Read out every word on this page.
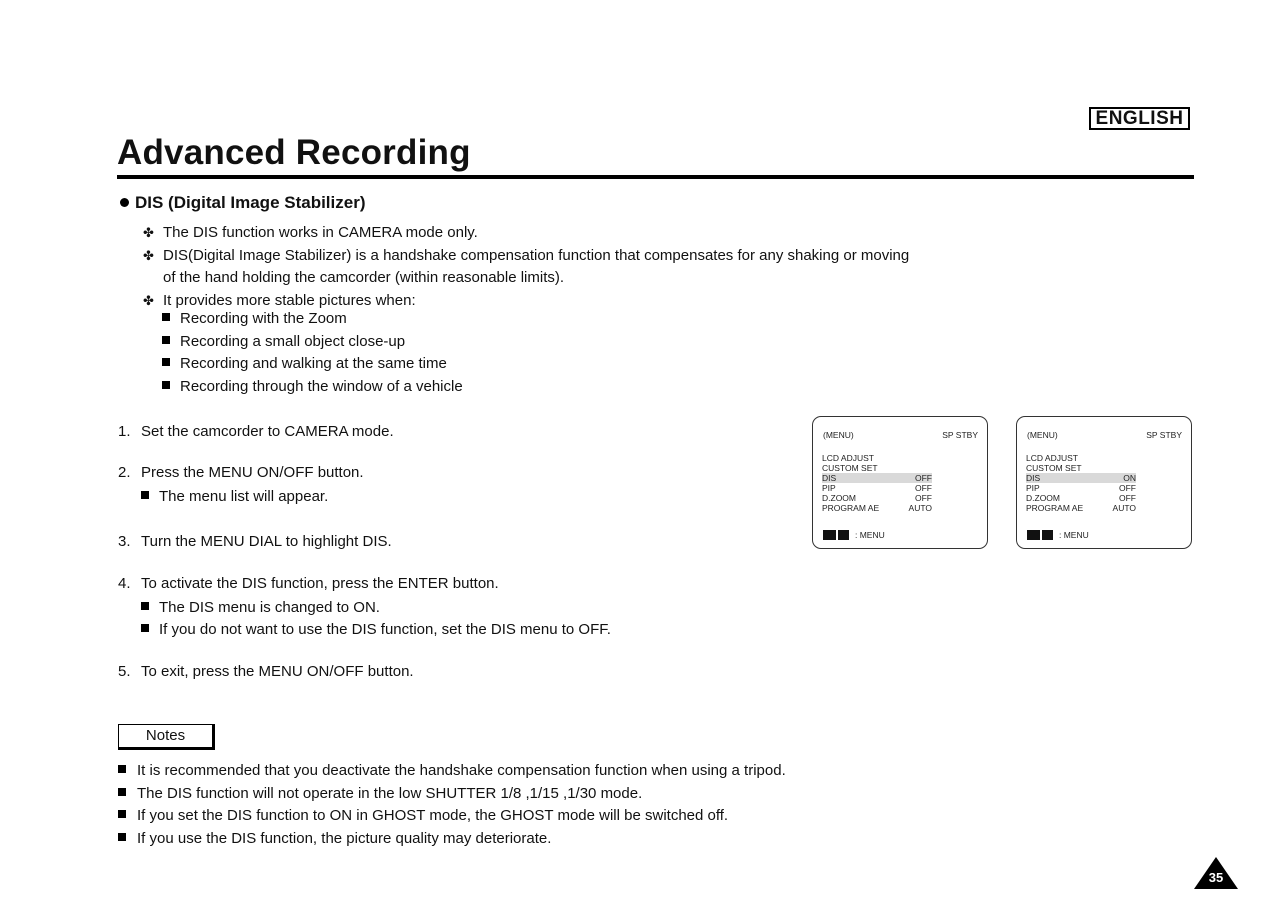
ENGLISH
Advanced Recording
DIS (Digital Image Stabilizer)
✤ The DIS function works in CAMERA mode only.
✤ DIS(Digital Image Stabilizer) is a handshake compensation function that compensates for any shaking or moving of the hand holding the camcorder (within reasonable limits).
✤ It provides more stable pictures when:
Recording with the Zoom
Recording a small object close-up
Recording and walking at the same time
Recording through the window of a vehicle
1. Set the camcorder to CAMERA mode.
2. Press the MENU ON/OFF button.
The menu list will appear.
3. Turn the MENU DIAL to highlight DIS.
4. To activate the DIS function, press the ENTER button.
The DIS menu is changed to ON.
If you do not want to use the DIS function, set the DIS menu to OFF.
5. To exit, press the MENU ON/OFF button.
(MENU)	SP STBY
LCD ADJUST
CUSTOM SET
DIS	OFF
PIP	OFF
D.ZOOM	OFF
PROGRAM AE	AUTO
: MENU
(MENU)	SP STBY
LCD ADJUST
CUSTOM SET
DIS	ON
PIP	OFF
D.ZOOM	OFF
PROGRAM AE	AUTO
: MENU
Notes
It is recommended that you deactivate the handshake compensation function when using a tripod.
The DIS function will not operate in the low SHUTTER 1/8 ,1/15 ,1/30 mode.
If you set the DIS function to ON in GHOST mode, the GHOST mode will be switched off.
If you use the DIS function, the picture quality may deteriorate.
35
